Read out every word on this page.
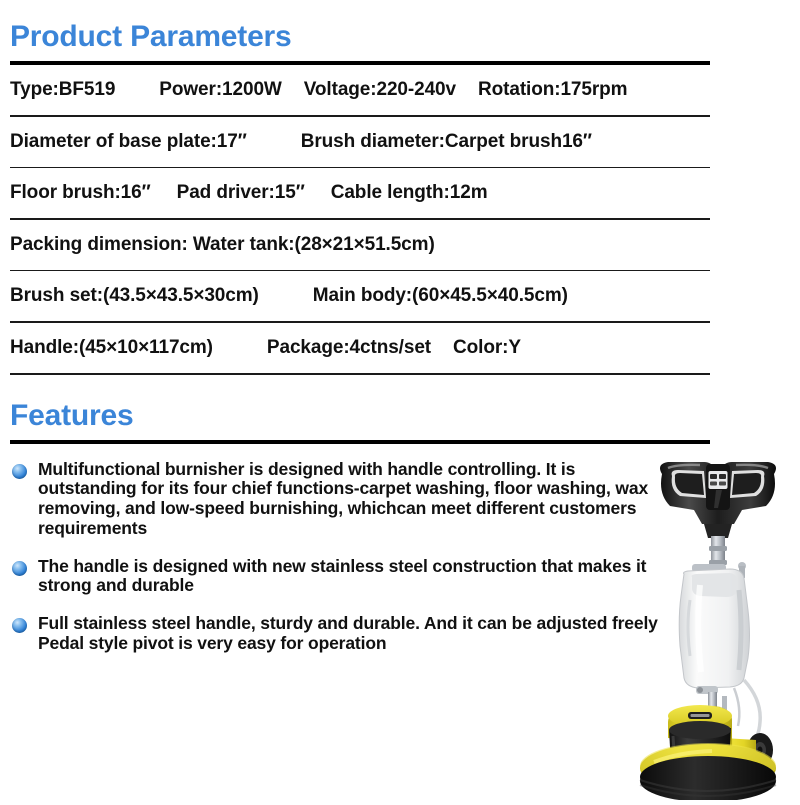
Product Parameters
Type:BF519 Power:1200W Voltage:220-240v Rotation:175rpm
Diameter of base plate:17″	Brush diameter:Carpet brush16″
Floor brush:16″ Pad driver:15″ Cable length:12m
Packing dimension: Water tank:(28×21×51.5cm)
Brush set:(43.5×43.5×30cm)	Main body:(60×45.5×40.5cm)
Handle:(45×10×117cm)	Package:4ctns/set Color:Y
Features
Multifunctional burnisher is designed with handle controlling. It is outstanding for its four chief functions-carpet washing, floor washing, wax removing, and low-speed burnishing, whichcan meet different customers requirements
The handle is designed with new stainless steel construction that makes it strong and durable
Full stainless steel handle, sturdy and durable. And it can be adjusted freely Pedal style pivot is very easy for operation
